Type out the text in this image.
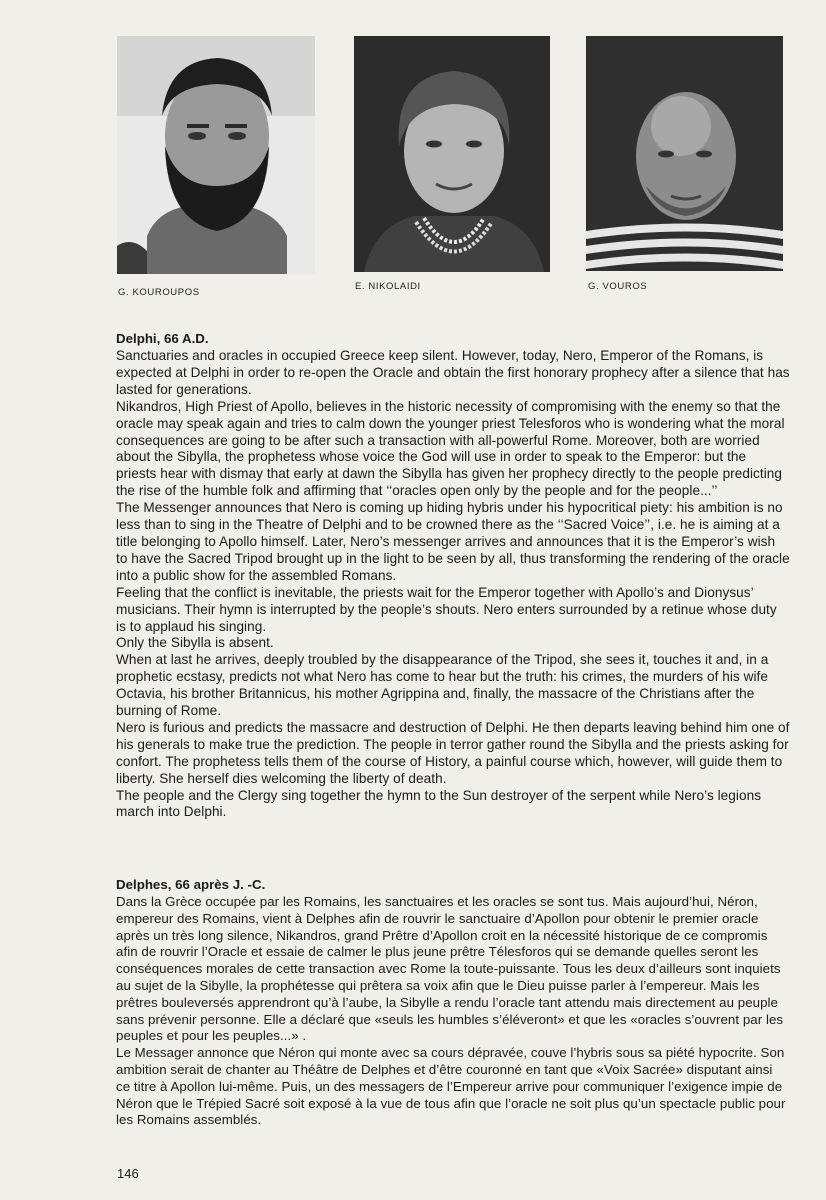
G. KOUROUPOS
E. NIKOLAIDI	G. VOUROS
Delphi, 66 A.D.

Sanctuaries and oracles in occupied Greece keep silent. However, today, Nero, Emperor of the Romans, is expected at Delphi in order to re-open the Oracle and obtain the first honorary prophecy after a silence that has lasted for generations.

Nikandros, High Priest of Apollo, believes in the historic necessity of compromising with the enemy so that the oracle may speak again and tries to calm down the younger priest Telesforos who is wondering what the moral consequences are going to be after such a transaction with all-powerful Rome. Moreover, both are worried about the Sibylla, the prophetess whose voice the God will use in order to speak to the Emperor: but the priests hear with dismay that early at dawn the Sibylla has given her prophecy directly to the people predicting the rise of the humble folk and affirming that ‘‘oracles open only by the people and for the people...’’

The Messenger announces that Nero is coming up hiding hybris under his hypocritical piety: his ambition is no less than to sing in the Theatre of Delphi and to be crowned there as the ‘‘Sacred Voice’’, i.e. he is aiming at a title belonging to Apollo himself. Later, Nero’s messenger arrives and announces that it is the Emperor’s wish to have the Sacred Tripod brought up in the light to be seen by all, thus transforming the rendering of the oracle into a public show for the assembled Romans.

Feeling that the conflict is inevitable, the priests wait for the Emperor together with Apollo’s and Dionysus’ musicians. Their hymn is interrupted by the people’s shouts. Nero enters surrounded by a retinue whose duty is to applaud his singing.

Only the Sibylla is absent.

When at last he arrives, deeply troubled by the disappearance of the Tripod, she sees it, touches it and, in a prophetic ecstasy, predicts not what Nero has come to hear but the truth: his crimes, the murders of his wife Octavia, his brother Britannicus, his mother Agrippina and, finally, the massacre of the Christians after the burning of Rome.

Nero is furious and predicts the massacre and destruction of Delphi. He then departs leaving behind him one of his generals to make true the prediction. The people in terror gather round the Sibylla and the priests asking for confort. The prophetess tells them of the course of History, a painful course which, however, will guide them to liberty. She herself dies welcoming the liberty of death.

The people and the Clergy sing together the hymn to the Sun destroyer of the serpent while Nero’s legions march into Delphi.

Delphes, 66 après J. -C.

Dans la Grèce occupée par les Romains, les sanctuaires et les oracles se sont tus. Mais aujourd’hui, Néron, empereur des Romains, vient à Delphes afin de rouvrir le sanctuaire d’Apollon pour obtenir le premier oracle après un très long silence, Nikandros, grand Prêtre d’Apollon croit en la nécessité historique de ce compromis afin de rouvrir l’Oracle et essaie de calmer le plus jeune prêtre Télesforos qui se demande quelles seront les conséquences morales de cette transaction avec Rome la toute-puissante. Tous les deux d’ailleurs sont inquiets au sujet de la Sibylle, la prophétesse qui prêtera sa voix afin que le Dieu puisse parler à l’empereur. Mais les prêtres bouleversés apprendront qu’à l’aube, la Sibylle a rendu l’oracle tant attendu mais directement au peuple sans prévenir personne. Elle a déclaré que «seuls les humbles s’éléveront» et que les «oracles s’ouvrent par les peuples et pour les peuples...» .

Le Messager annonce que Néron qui monte avec sa cours dépravée, couve l’hybris sous sa piété hypocrite. Son ambition serait de chanter au Théâtre de Delphes et d’être couronné en tant que «Voix Sacrée» disputant ainsi ce titre à Apollon lui-même. Puis, un des messagers de l’Empereur arrive pour communiquer l’exigence impie de Néron que le Trépied Sacré soit exposé à la vue de tous afin que l’oracle ne soit plus qu’un spectacle public pour les Romains assemblés.

146
